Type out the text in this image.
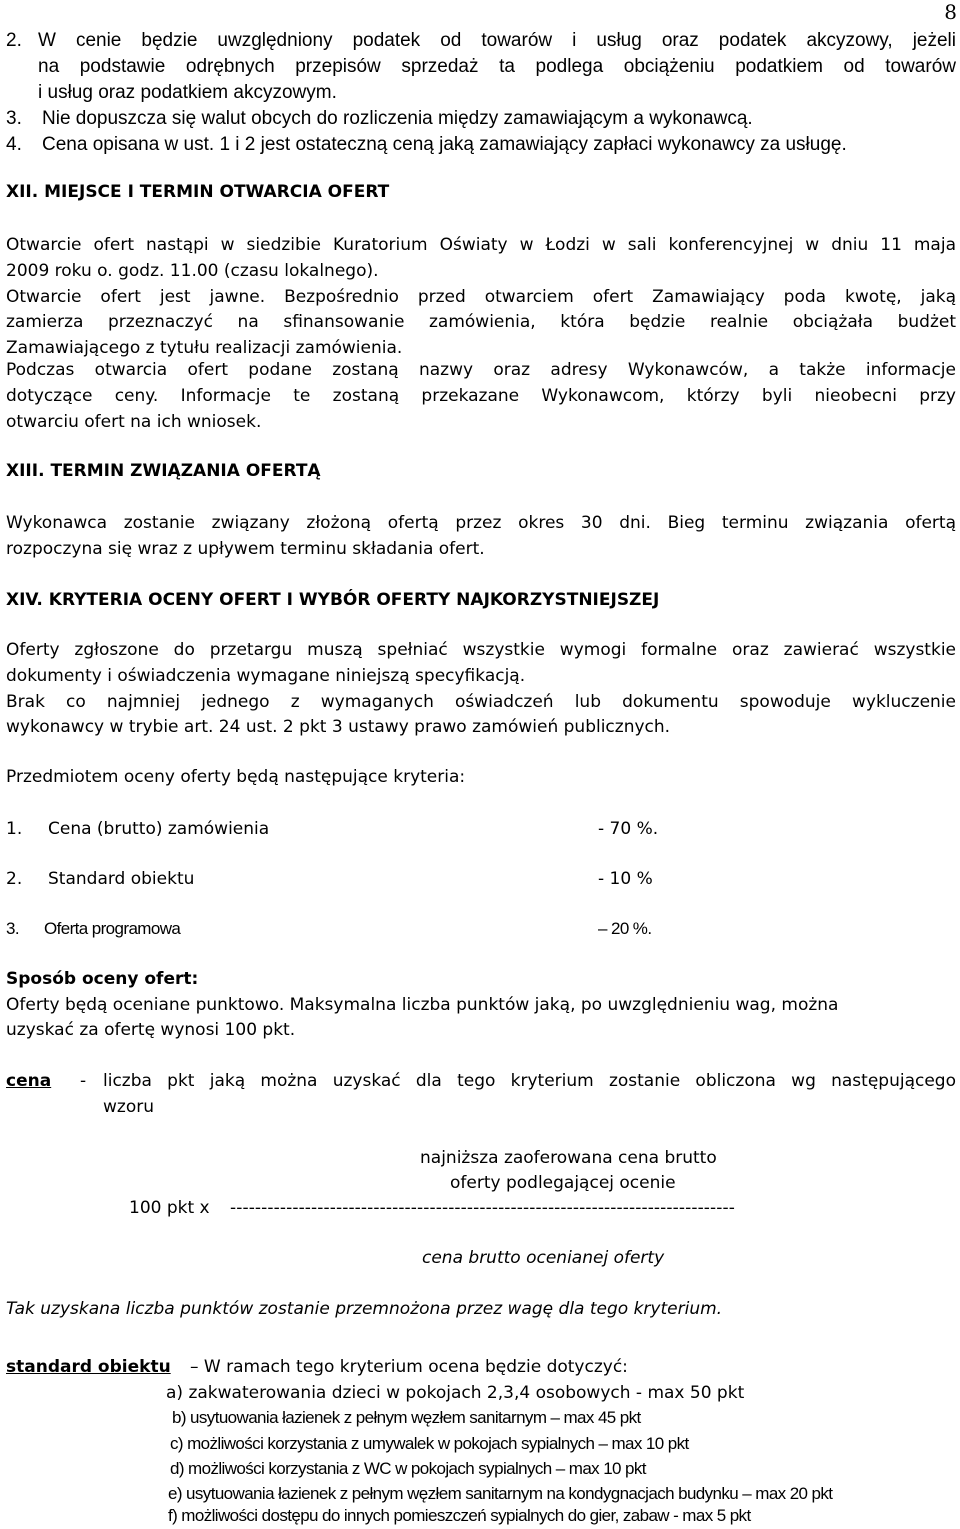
8
2. W cenie będzie uwzględniony podatek od towarów i usług oraz podatek akcyzowy, jeżeli
na podstawie odrębnych przepisów sprzedaż ta podlega obciążeniu podatkiem od towarów
i usług oraz podatkiem akcyzowym.
3. Nie dopuszcza się walut obcych do rozliczenia między zamawiającym a wykonawcą.
4. Cena opisana w ust. 1 i 2 jest ostateczną ceną jaką zamawiający zapłaci wykonawcy za usługę.
XII. MIEJSCE I TERMIN OTWARCIA OFERT
Otwarcie ofert nastąpi w siedzibie Kuratorium Oświaty w Łodzi w sali konferencyjnej w dniu 11 maja
2009 roku o. godz. 11.00 (czasu lokalnego).
Otwarcie ofert jest jawne. Bezpośrednio przed otwarciem ofert Zamawiający poda kwotę, jaką
zamierza przeznaczyć na sfinansowanie zamówienia, która będzie realnie obciążała budżet
Zamawiającego z tytułu realizacji zamówienia.
Podczas otwarcia ofert podane zostaną nazwy oraz adresy Wykonawców, a także informacje
dotyczące ceny. Informacje te zostaną przekazane Wykonawcom, którzy byli nieobecni przy
otwarciu ofert na ich wniosek.
XIII. TERMIN ZWIĄZANIA OFERTĄ
Wykonawca zostanie związany złożoną ofertą przez okres 30 dni. Bieg terminu związania ofertą
rozpoczyna się wraz z upływem terminu składania ofert.
XIV. KRYTERIA OCENY OFERT I WYBÓR OFERTY NAJKORZYSTNIEJSZEJ
Oferty zgłoszone do przetargu muszą spełniać wszystkie wymogi formalne oraz zawierać wszystkie
dokumenty i oświadczenia wymagane niniejszą specyfikacją.
Brak co najmniej jednego z wymaganych oświadczeń lub dokumentu spowoduje wykluczenie
wykonawcy w trybie art. 24 ust. 2 pkt 3 ustawy prawo zamówień publicznych.
Przedmiotem oceny oferty będą następujące kryteria:
1. Cena (brutto) zamówienia	- 70 %.
2. Standard obiektu	- 10 %
3. Oferta programowa	– 20 %.
Sposób oceny ofert:
Oferty będą oceniane punktowo. Maksymalna liczba punktów jaką, po uwzględnieniu wag, można
uzyskać za ofertę wynosi 100 pkt.
cena - liczba pkt jaką można uzyskać dla tego kryterium zostanie obliczona wg następującego
wzoru
najniższa zaoferowana cena brutto
oferty podlegającej ocenie
100 pkt x ---------------------------------------------------------------------------------
cena brutto ocenianej oferty
Tak uzyskana liczba punktów zostanie przemnożona przez wagę dla tego kryterium.
standard obiektu – W ramach tego kryterium ocena będzie dotyczyć:
a) zakwaterowania dzieci w pokojach 2,3,4 osobowych - max 50 pkt
b) usytuowania łazienek z pełnym węzłem sanitarnym – max 45 pkt
c) możliwości korzystania z umywalek w pokojach sypialnych – max 10 pkt
d) możliwości korzystania z WC w pokojach sypialnych – max 10 pkt
e) usytuowania łazienek z pełnym węzłem sanitarnym na kondygnacjach budynku – max 20 pkt
f) możliwości dostępu do innych pomieszczeń sypialnych do gier, zabaw - max 5 pkt
